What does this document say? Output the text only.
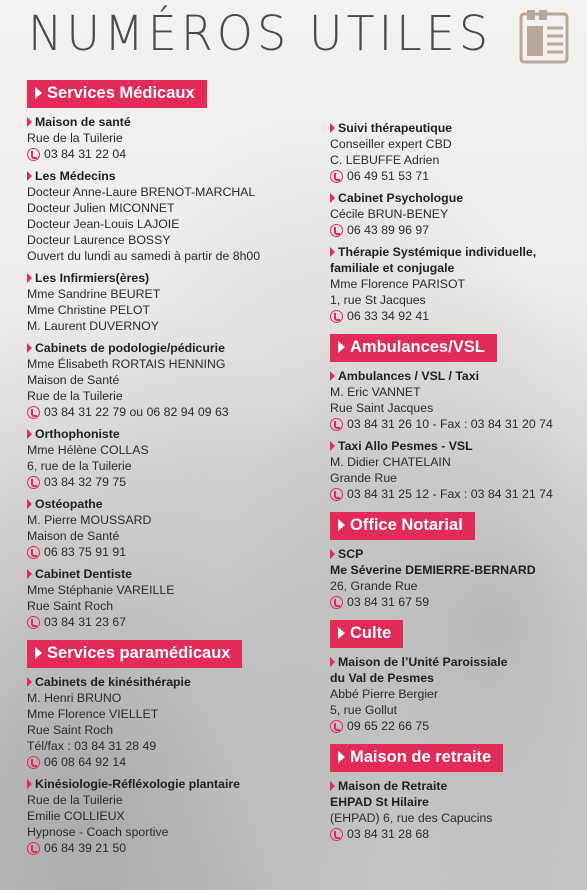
NUMÉROS UTILES
Services Médicaux
Maison de santé
Rue de la Tuilerie
03 84 31 22 04
Les Médecins
Docteur Anne-Laure BRENOT-MARCHAL
Docteur Julien MICONNET
Docteur Jean-Louis LAJOIE
Docteur Laurence BOSSY
Ouvert du lundi au samedi à partir de 8h00
Les Infirmiers(ères)
Mme Sandrine BEURET
Mme Christine PELOT
M. Laurent DUVERNOY
Cabinets de podologie/pédicurie
Mme Élisabeth RORTAIS HENNING
Maison de Santé
Rue de la Tuilerie
03 84 31 22 79 ou 06 82 94 09 63
Orthophoniste
Mme Hélène COLLAS
6, rue de la Tuilerie
03 84 32 79 75
Ostéopathe
M. Pierre MOUSSARD
Maison de Santé
06 83 75 91 91
Cabinet Dentiste
Mme Stéphanie VAREILLE
Rue Saint Roch
03 84 31 23 67
Services paramédicaux
Cabinets de kinésithérapie
M. Henri BRUNO
Mme Florence VIELLET
Rue Saint Roch
Tél/fax : 03 84 31 28 49
06 08 64 92 14
Kinésiologie-Réfléxologie plantaire
Rue de la Tuilerie
Emilie COLLIEUX
Hypnose - Coach sportive
06 84 39 21 50
Suivi thérapeutique
Conseiller expert CBD
C. LEBUFFE Adrien
06 49 51 53 71
Cabinet Psychologue
Cécile BRUN-BENEY
06 43 89 96 97
Thérapie Systémique individuelle,
familiale et conjugale
Mme Florence PARISOT
1, rue St Jacques
06 33 34 92 41
Ambulances/VSL
Ambulances / VSL / Taxi
M. Eric VANNET
Rue Saint Jacques
03 84 31 26 10 - Fax : 03 84 31 20 74
Taxi Allo Pesmes - VSL
M. Didier CHATELAIN
Grande Rue
03 84 31 25 12 - Fax : 03 84 31 21 74
Office Notarial
SCP
Me Séverine DEMIERRE-BERNARD
26, Grande Rue
03 84 31 67 59
Culte
Maison de l’Unité Paroissiale
du Val de Pesmes
Abbé Pierre Bergier
5, rue Gollut
09 65 22 66 75
Maison de retraite
Maison de Retraite
EHPAD St Hilaire
(EHPAD) 6, rue des Capucins
03 84 31 28 68
